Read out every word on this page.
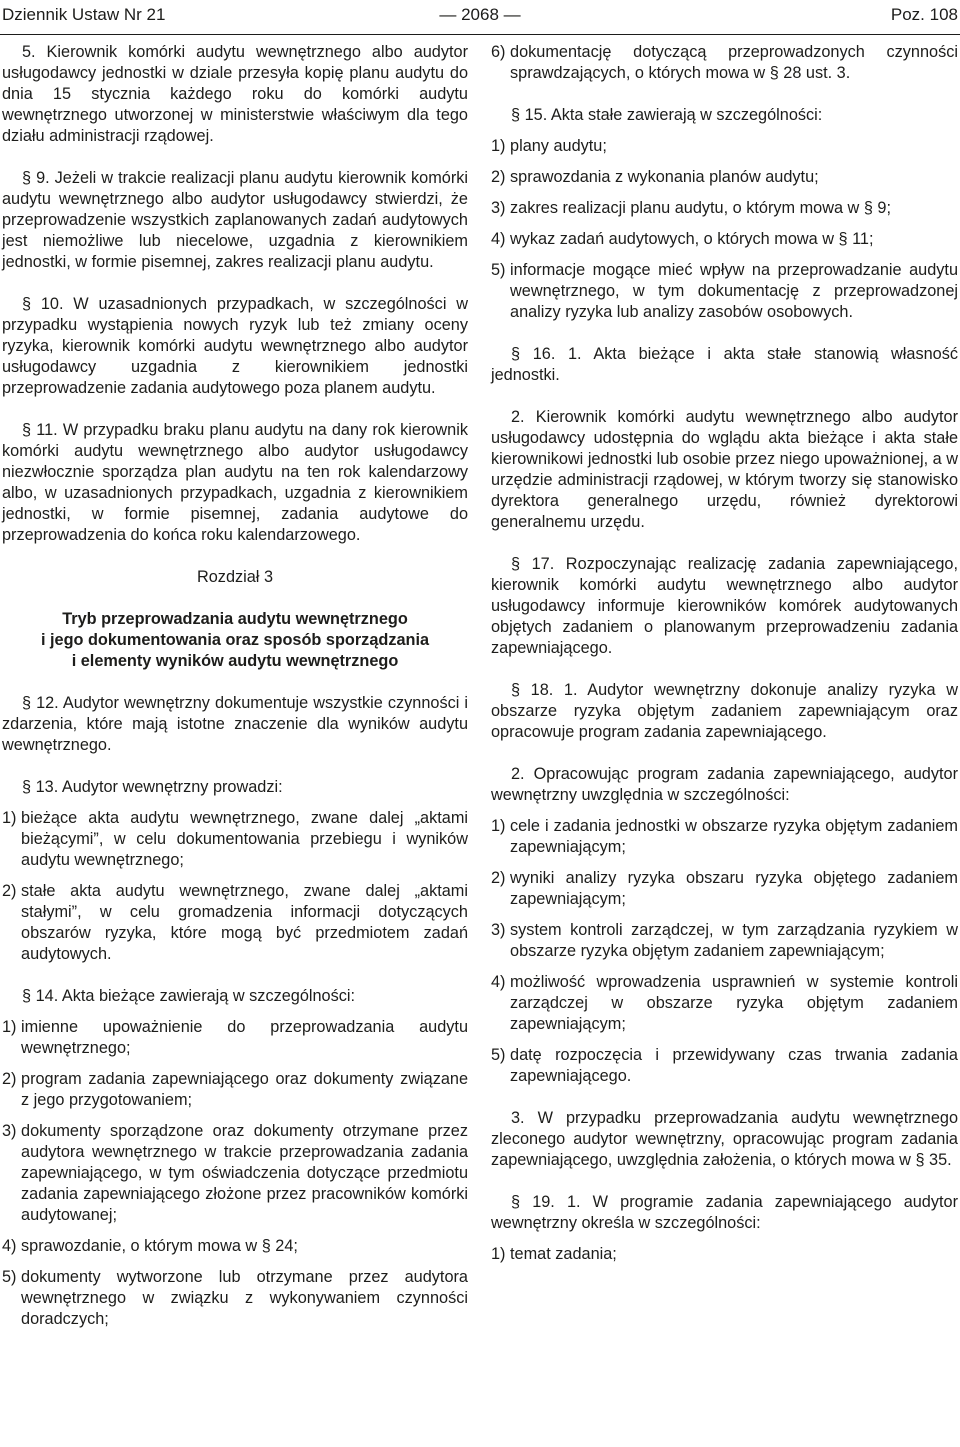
Dziennik Ustaw Nr 21	— 2068 —	Poz. 108

5. Kierownik komórki audytu wewnętrznego albo audytor usługodawcy jednostki w dziale przesyła kopię planu audytu do dnia 15 stycznia każdego roku do komórki audytu wewnętrznego utworzonej w ministerstwie właściwym dla tego działu administracji rządowej.

§ 9. Jeżeli w trakcie realizacji planu audytu kierownik komórki audytu wewnętrznego albo audytor usługodawcy stwierdzi, że przeprowadzenie wszystkich zaplanowanych zadań audytowych jest niemożliwe lub niecelowe, uzgadnia z kierownikiem jednostki, w formie pisemnej, zakres realizacji planu audytu.

§ 10. W uzasadnionych przypadkach, w szczególności w przypadku wystąpienia nowych ryzyk lub też zmiany oceny ryzyka, kierownik komórki audytu wewnętrznego albo audytor usługodawcy uzgadnia z kierownikiem jednostki przeprowadzenie zadania audytowego poza planem audytu.

§ 11. W przypadku braku planu audytu na dany rok kierownik komórki audytu wewnętrznego albo audytor usługodawcy niezwłocznie sporządza plan audytu na ten rok kalendarzowy albo, w uzasadnionych przypadkach, uzgadnia z kierownikiem jednostki, w formie pisemnej, zadania audytowe do przeprowadzenia do końca roku kalendarzowego.

Rozdział 3
Tryb przeprowadzania audytu wewnętrznego
i jego dokumentowania oraz sposób sporządzania
i elementy wyników audytu wewnętrznego

§ 12. Audytor wewnętrzny dokumentuje wszystkie czynności i zdarzenia, które mają istotne znaczenie dla wyników audytu wewnętrznego.

§ 13. Audytor wewnętrzny prowadzi:

1) bieżące akta audytu wewnętrznego, zwane dalej „aktami bieżącymi”, w celu dokumentowania przebiegu i wyników audytu wewnętrznego;
2) stałe akta audytu wewnętrznego, zwane dalej „aktami stałymi”, w celu gromadzenia informacji dotyczących obszarów ryzyka, które mogą być przedmiotem zadań audytowych.

§ 14. Akta bieżące zawierają w szczególności:

1) imienne upoważnienie do przeprowadzania audytu wewnętrznego;
2) program zadania zapewniającego oraz dokumenty związane z jego przygotowaniem;
3) dokumenty sporządzone oraz dokumenty otrzymane przez audytora wewnętrznego w trakcie przeprowadzania zadania zapewniającego, w tym oświadczenia dotyczące przedmiotu zadania zapewniającego złożone przez pracowników komórki audytowanej;
4) sprawozdanie, o którym mowa w § 24;
5) dokumenty wytworzone lub otrzymane przez audytora wewnętrznego w związku z wykonywaniem czynności doradczych;
6) dokumentację dotyczącą przeprowadzonych czynności sprawdzających, o których mowa w § 28 ust. 3.

§ 15. Akta stałe zawierają w szczególności:

1) plany audytu;
2) sprawozdania z wykonania planów audytu;
3) zakres realizacji planu audytu, o którym mowa w § 9;
4) wykaz zadań audytowych, o których mowa w § 11;
5) informacje mogące mieć wpływ na przeprowadzanie audytu wewnętrznego, w tym dokumentację z przeprowadzonej analizy ryzyka lub analizy zasobów osobowych.

§ 16. 1. Akta bieżące i akta stałe stanowią własność jednostki.

2. Kierownik komórki audytu wewnętrznego albo audytor usługodawcy udostępnia do wglądu akta bieżące i akta stałe kierownikowi jednostki lub osobie przez niego upoważnionej, a w urzędzie administracji rządowej, w którym tworzy się stanowisko dyrektora generalnego urzędu, również dyrektorowi generalnemu urzędu.

§ 17. Rozpoczynając realizację zadania zapewniającego, kierownik komórki audytu wewnętrznego albo audytor usługodawcy informuje kierowników komórek audytowanych objętych zadaniem o planowanym przeprowadzeniu zadania zapewniającego.

§ 18. 1. Audytor wewnętrzny dokonuje analizy ryzyka w obszarze ryzyka objętym zadaniem zapewniającym oraz opracowuje program zadania zapewniającego.

2. Opracowując program zadania zapewniającego, audytor wewnętrzny uwzględnia w szczególności:

1) cele i zadania jednostki w obszarze ryzyka objętym zadaniem zapewniającym;
2) wyniki analizy ryzyka obszaru ryzyka objętego zadaniem zapewniającym;
3) system kontroli zarządczej, w tym zarządzania ryzykiem w obszarze ryzyka objętym zadaniem zapewniającym;
4) możliwość wprowadzenia usprawnień w systemie kontroli zarządczej w obszarze ryzyka objętym zadaniem zapewniającym;
5) datę rozpoczęcia i przewidywany czas trwania zadania zapewniającego.

3. W przypadku przeprowadzania audytu wewnętrznego zleconego audytor wewnętrzny, opracowując program zadania zapewniającego, uwzględnia założenia, o których mowa w § 35.

§ 19. 1. W programie zadania zapewniającego audytor wewnętrzny określa w szczególności:

1) temat zadania;
